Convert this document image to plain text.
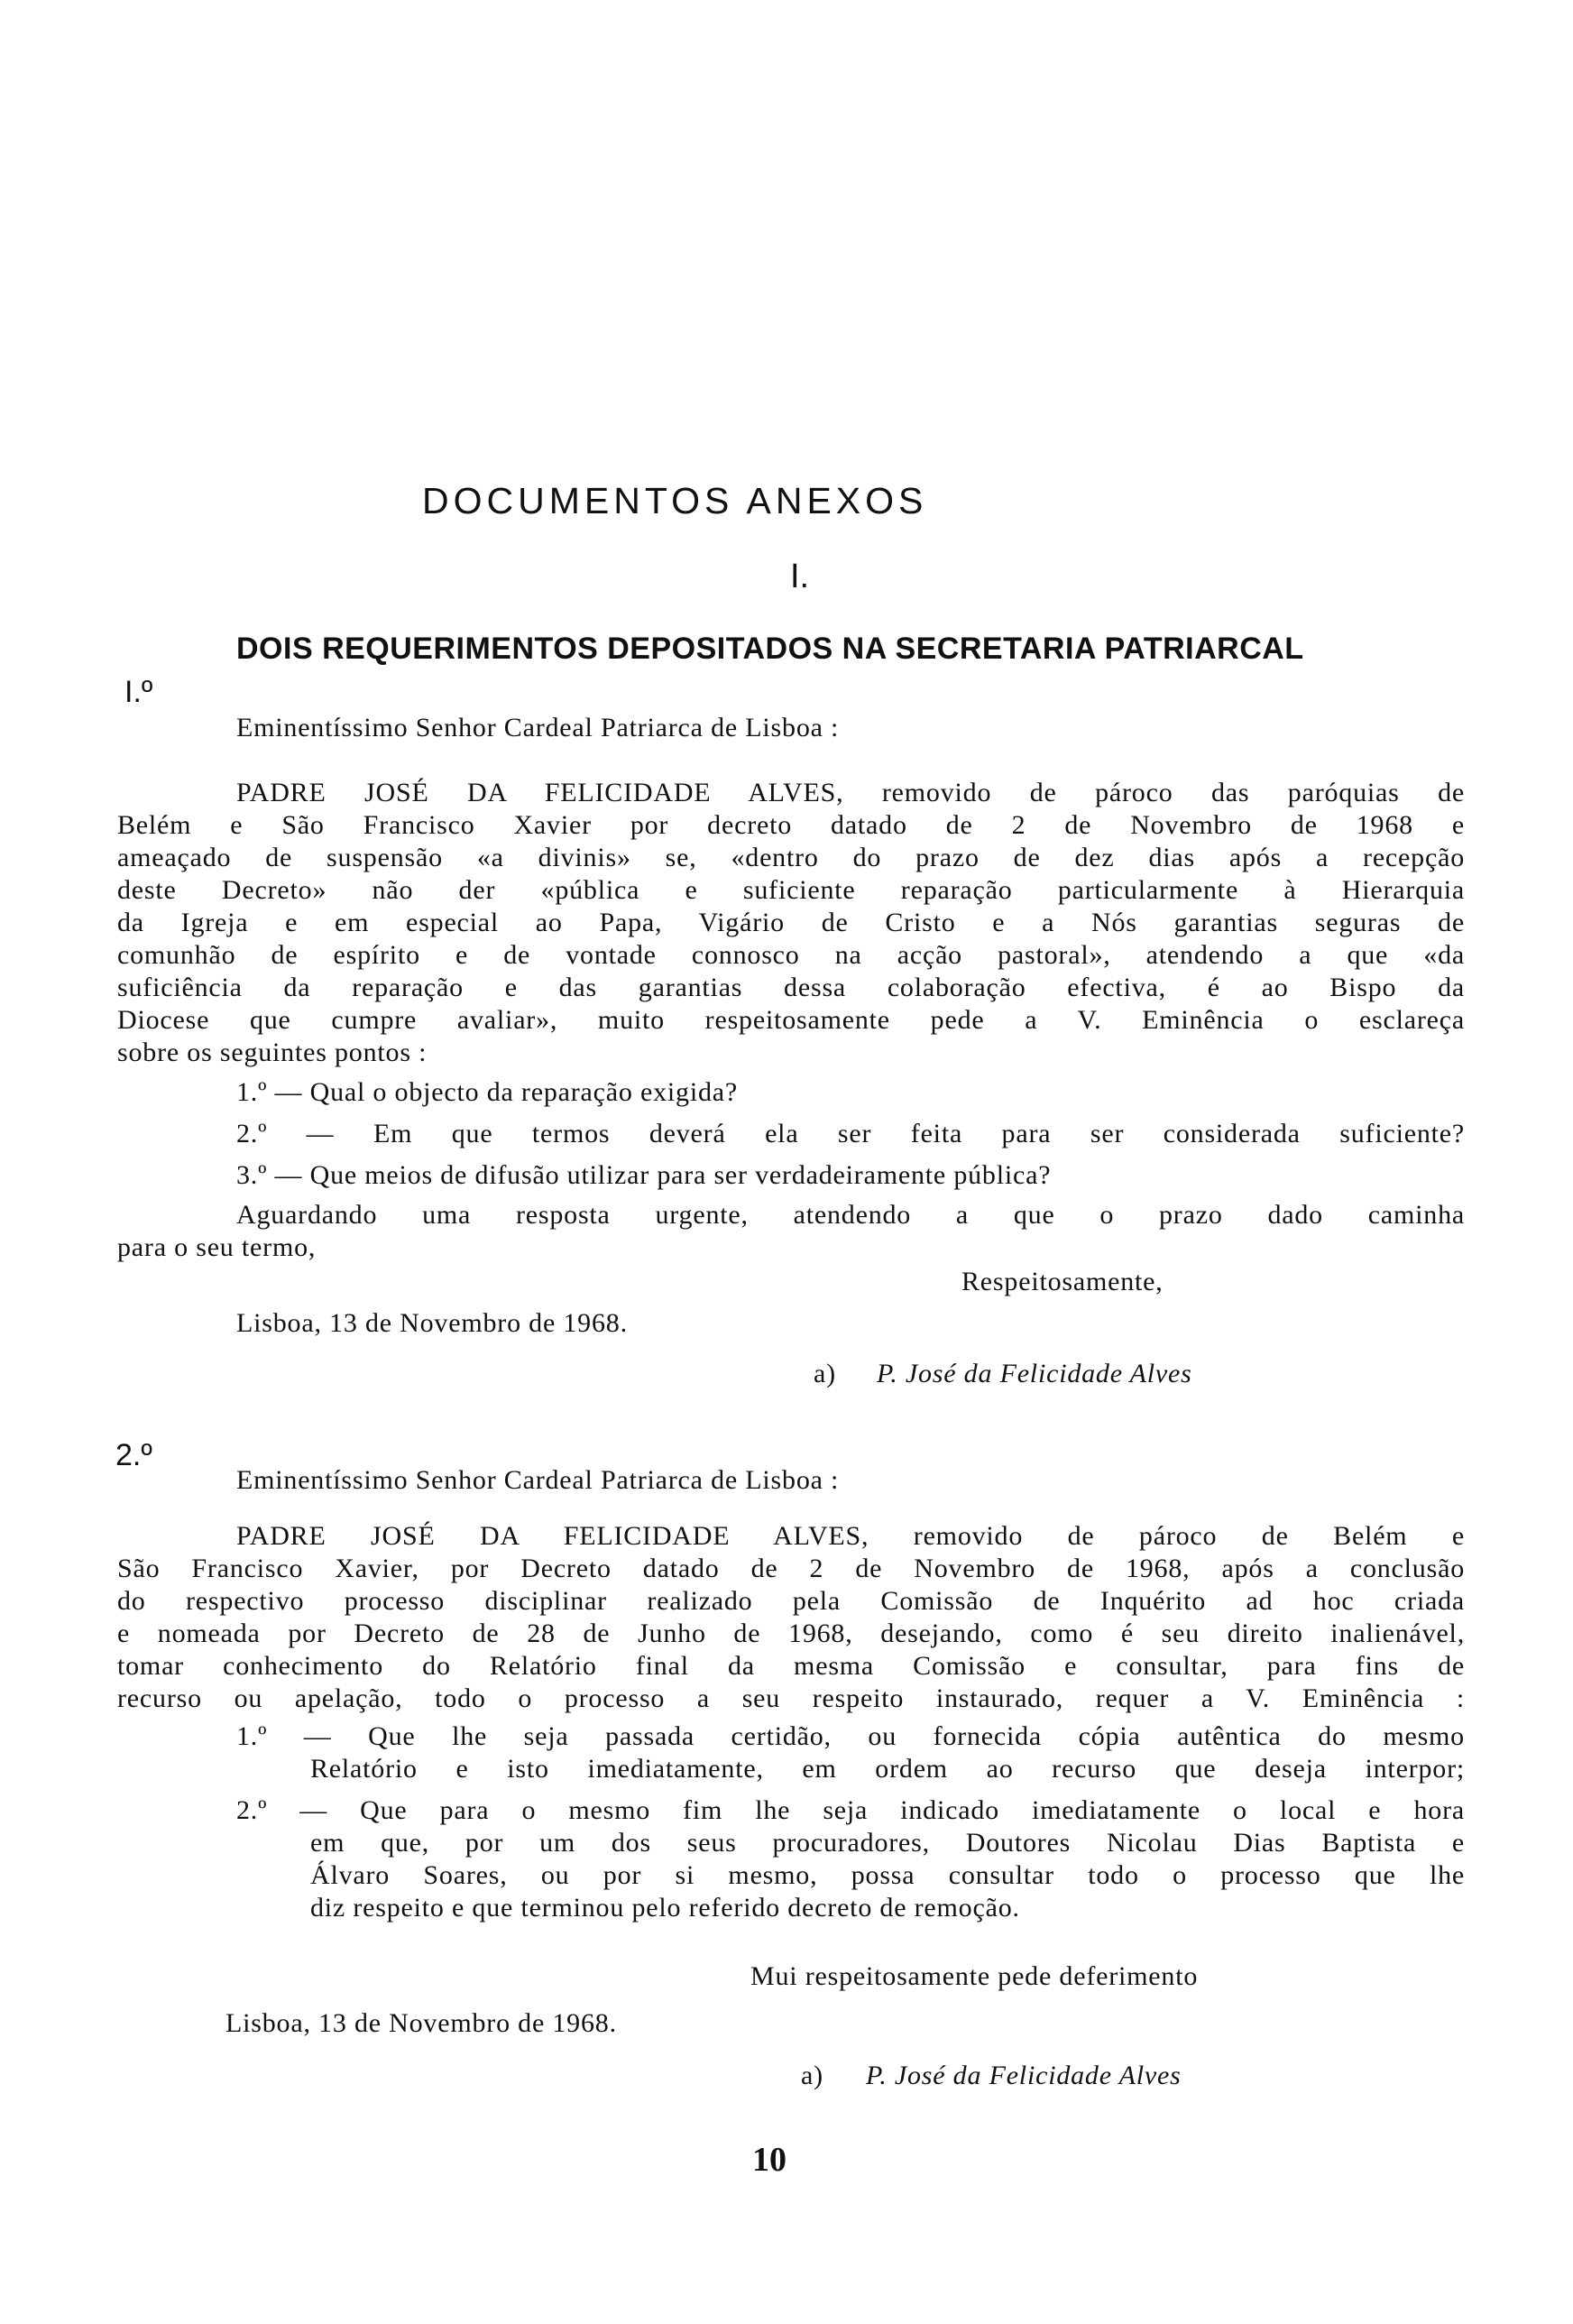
DOCUMENTOS ANEXOS
I.
DOIS REQUERIMENTOS DEPOSITADOS NA SECRETARIA PATRIARCAL
I.º
Eminentíssimo Senhor Cardeal Patriarca de Lisboa :
PADRE JOSÉ DA FELICIDADE ALVES, removido de pároco das paróquias de
Belém e São Francisco Xavier por decreto datado de 2 de Novembro de 1968 e
ameaçado de suspensão «a divinis» se, «dentro do prazo de dez dias após a recepção
deste Decreto» não der «pública e suficiente reparação particularmente à Hierarquia
da Igreja e em especial ao Papa, Vigário de Cristo e a Nós garantias seguras de
comunhão de espírito e de vontade connosco na acção pastoral», atendendo a que «da
suficiência da reparação e das garantias dessa colaboração efectiva, é ao Bispo da
Diocese que cumpre avaliar», muito respeitosamente pede a V. Eminência o esclareça
sobre os seguintes pontos :
1.º — Qual o objecto da reparação exigida?
2.º — Em que termos deverá ela ser feita para ser considerada suficiente?
3.º — Que meios de difusão utilizar para ser verdadeiramente pública?
Aguardando uma resposta urgente, atendendo a que o prazo dado caminha
para o seu termo,
Respeitosamente,
Lisboa, 13 de Novembro de 1968.
a) P. José da Felicidade Alves
2.º
Eminentíssimo Senhor Cardeal Patriarca de Lisboa :
PADRE JOSÉ DA FELICIDADE ALVES, removido de pároco de Belém e
São Francisco Xavier, por Decreto datado de 2 de Novembro de 1968, após a conclusão
do respectivo processo disciplinar realizado pela Comissão de Inquérito ad hoc criada
e nomeada por Decreto de 28 de Junho de 1968, desejando, como é seu direito inalienável,
tomar conhecimento do Relatório final da mesma Comissão e consultar, para fins de
recurso ou apelação, todo o processo a seu respeito instaurado, requer a V. Eminência :
1.º — Que lhe seja passada certidão, ou fornecida cópia autêntica do mesmo
Relatório e isto imediatamente, em ordem ao recurso que deseja interpor;
2.º — Que para o mesmo fim lhe seja indicado imediatamente o local e hora
em que, por um dos seus procuradores, Doutores Nicolau Dias Baptista e
Álvaro Soares, ou por si mesmo, possa consultar todo o processo que lhe
diz respeito e que terminou pelo referido decreto de remoção.
Mui respeitosamente pede deferimento
Lisboa, 13 de Novembro de 1968.
a) P. José da Felicidade Alves
10
